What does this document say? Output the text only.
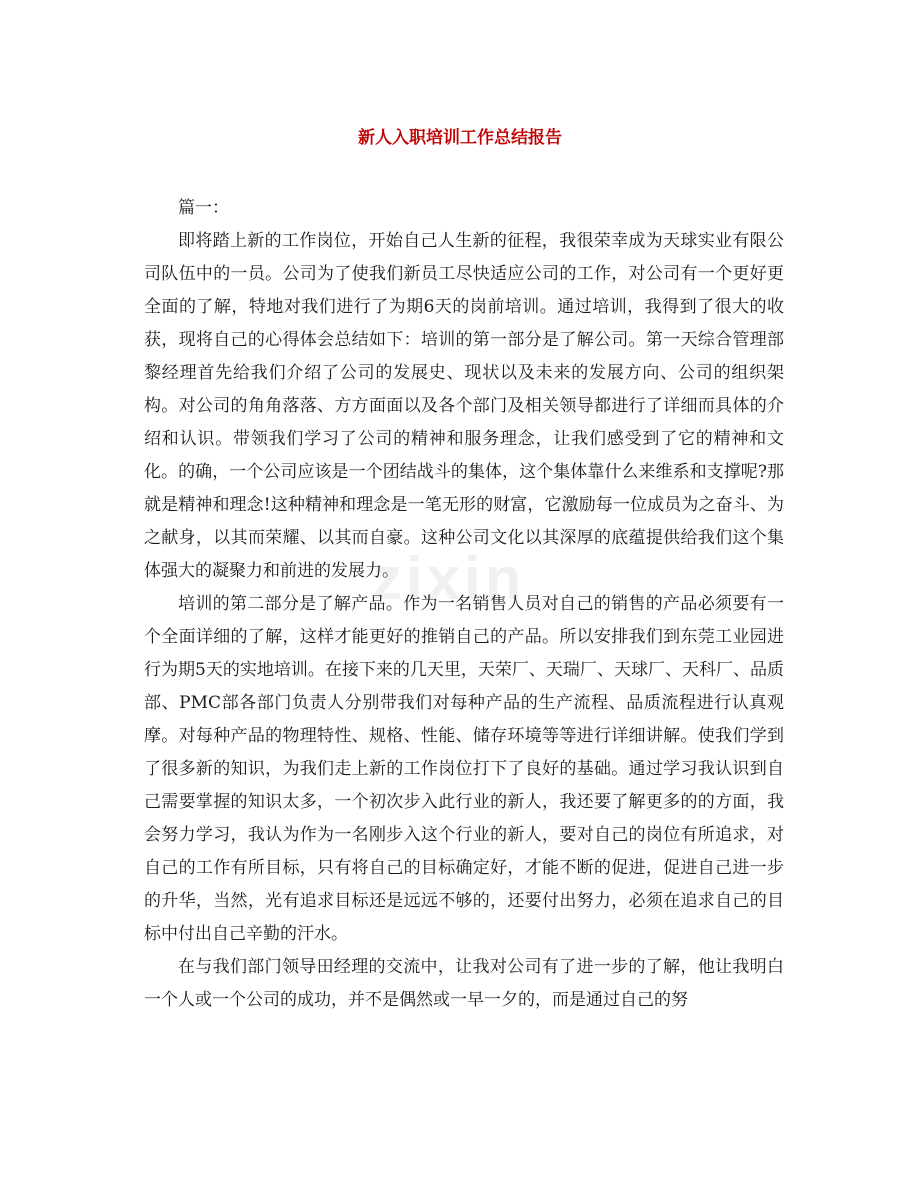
新人入职培训工作总结报告

篇一：

即将踏上新的工作岗位，开始自己人生新的征程，我很荣幸成为天球实业有限公司队伍中的一员。公司为了使我们新员工尽快适应公司的工作，对公司有一个更好更全面的了解，特地对我们进行了为期6天的岗前培训。通过培训，我得到了很大的收获，现将自己的心得体会总结如下：培训的第一部分是了解公司。第一天综合管理部黎经理首先给我们介绍了公司的发展史、现状以及未来的发展方向、公司的组织架构。对公司的角角落落、方方面面以及各个部门及相关领导都进行了详细而具体的介绍和认识。带领我们学习了公司的精神和服务理念，让我们感受到了它的精神和文化。的确，一个公司应该是一个团结战斗的集体，这个集体靠什么来维系和支撑呢?那就是精神和理念!这种精神和理念是一笔无形的财富，它激励每一位成员为之奋斗、为之献身，以其而荣耀、以其而自豪。这种公司文化以其深厚的底蕴提供给我们这个集体强大的凝聚力和前进的发展力。

培训的第二部分是了解产品。作为一名销售人员对自己的销售的产品必须要有一个全面详细的了解，这样才能更好的推销自己的产品。所以安排我们到东莞工业园进行为期5天的实地培训。在接下来的几天里，天荣厂、天瑞厂、天球厂、天科厂、品质部、PMC部各部门负责人分别带我们对每种产品的生产流程、品质流程进行认真观摩。对每种产品的物理特性、规格、性能、储存环境等等进行详细讲解。使我们学到了很多新的知识，为我们走上新的工作岗位打下了良好的基础。通过学习我认识到自己需要掌握的知识太多，一个初次步入此行业的新人，我还要了解更多的的方面，我会努力学习，我认为作为一名刚步入这个行业的新人，要对自己的岗位有所追求，对自己的工作有所目标，只有将自己的目标确定好，才能不断的促进，促进自己进一步的升华，当然，光有追求目标还是远远不够的，还要付出努力，必须在追求自己的目标中付出自己辛勤的汗水。

在与我们部门领导田经理的交流中，让我对公司有了进一步的了解，他让我明白一个人或一个公司的成功，并不是偶然或一早一夕的，而是通过自己的努

zixin
